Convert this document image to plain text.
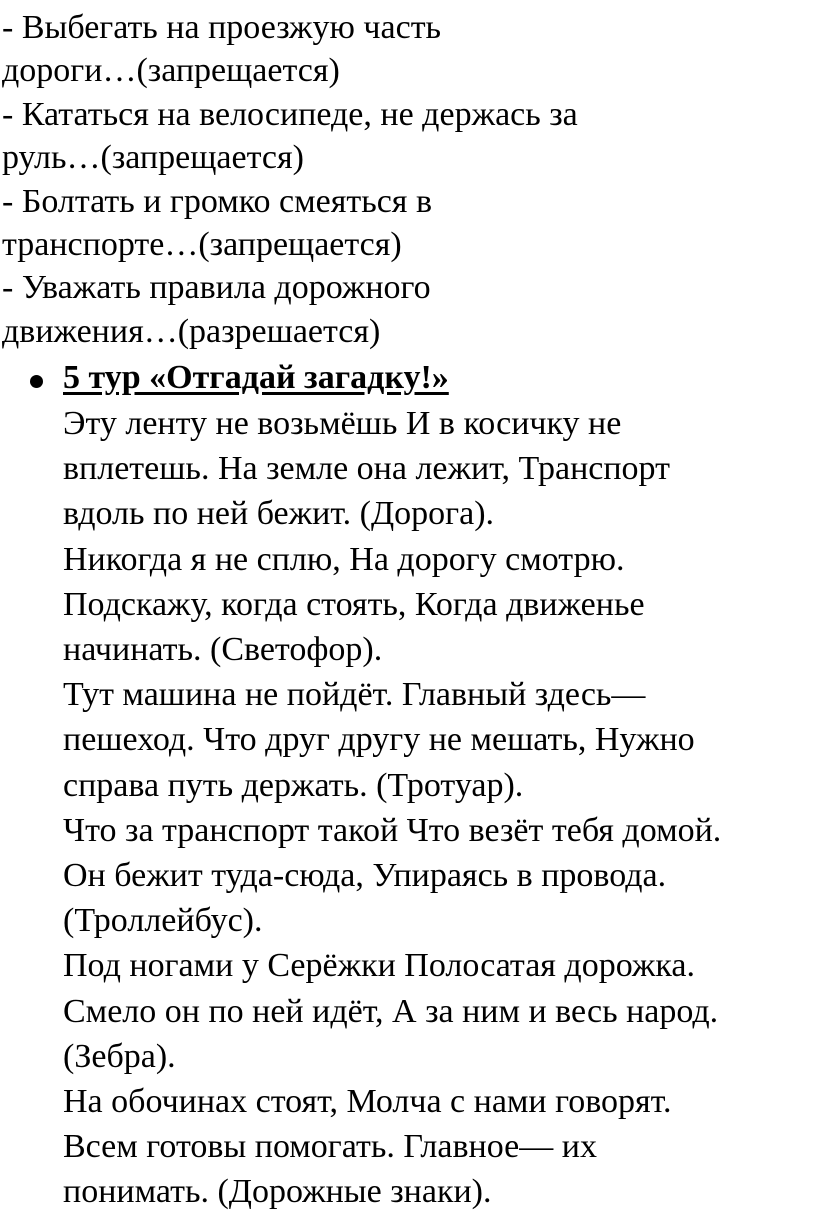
- Выбегать на проезжую часть
дороги…(запрещается)
- Кататься на велосипеде, не держась за
руль…(запрещается)
- Болтать и громко смеяться в
транспорте…(запрещается)
- Уважать правила дорожного
движения…(разрешается)
5 тур «Отгадай загадку!»
Эту ленту не возьмёшь И в косичку не
вплетешь. На земле она лежит, Транспорт
вдоль по ней бежит. (Дорога).
Никогда я не сплю, На дорогу смотрю.
Подскажу, когда стоять, Когда движенье
начинать. (Светофор).
Тут машина не пойдёт. Главный здесь—
пешеход. Что друг другу не мешать, Нужно
справа путь держать. (Тротуар).
Что за транспорт такой Что везёт тебя домой.
Он бежит туда-сюда, Упираясь в провода.
(Троллейбус).
Под ногами у Серёжки Полосатая дорожка.
Смело он по ней идёт, А за ним и весь народ.
(Зебра).
На обочинах стоят, Молча с нами говорят.
Всем готовы помогать. Главное— их
понимать. (Дорожные знаки).
